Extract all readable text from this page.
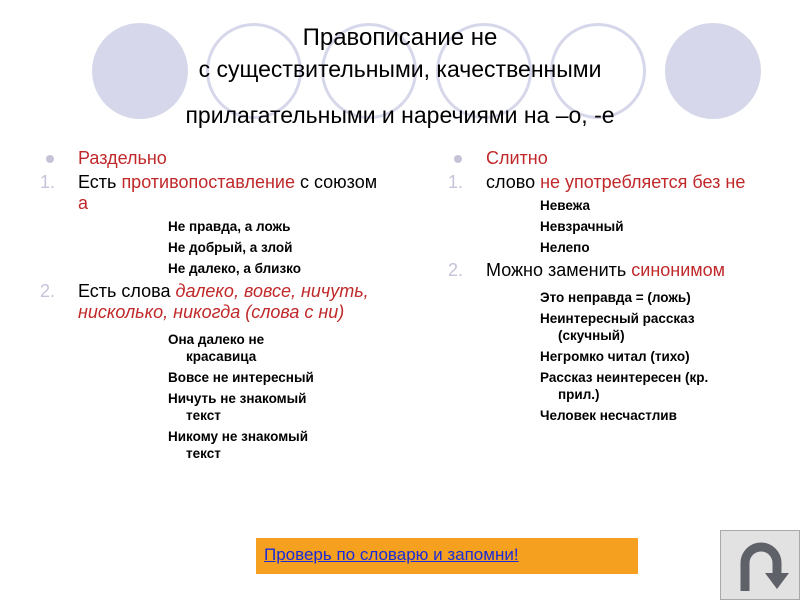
Правописание не
с существительными, качественными
прилагательными и наречиями на –о, -е
Раздельно
1. Есть противопоставление с союзом а
Не правда, а ложь
Не добрый, а злой
Не далеко, а близко
2. Есть слова далеко, вовсе, ничуть, нисколько, никогда (слова с ни)
Она далеко не
красавица
Вовсе не интересный
Ничуть не знакомый
текст
Никому не знакомый
текст
Слитно
1. слово не употребляется без не
Невежа
Невзрачный
Нелепо
2. Можно заменить синонимом
Это неправда = (ложь)
Неинтересный рассказ
(скучный)
Негромко читал (тихо)
Рассказ неинтересен (кр.
прил.)
Человек несчастлив
Проверь по словарю и запомни!
